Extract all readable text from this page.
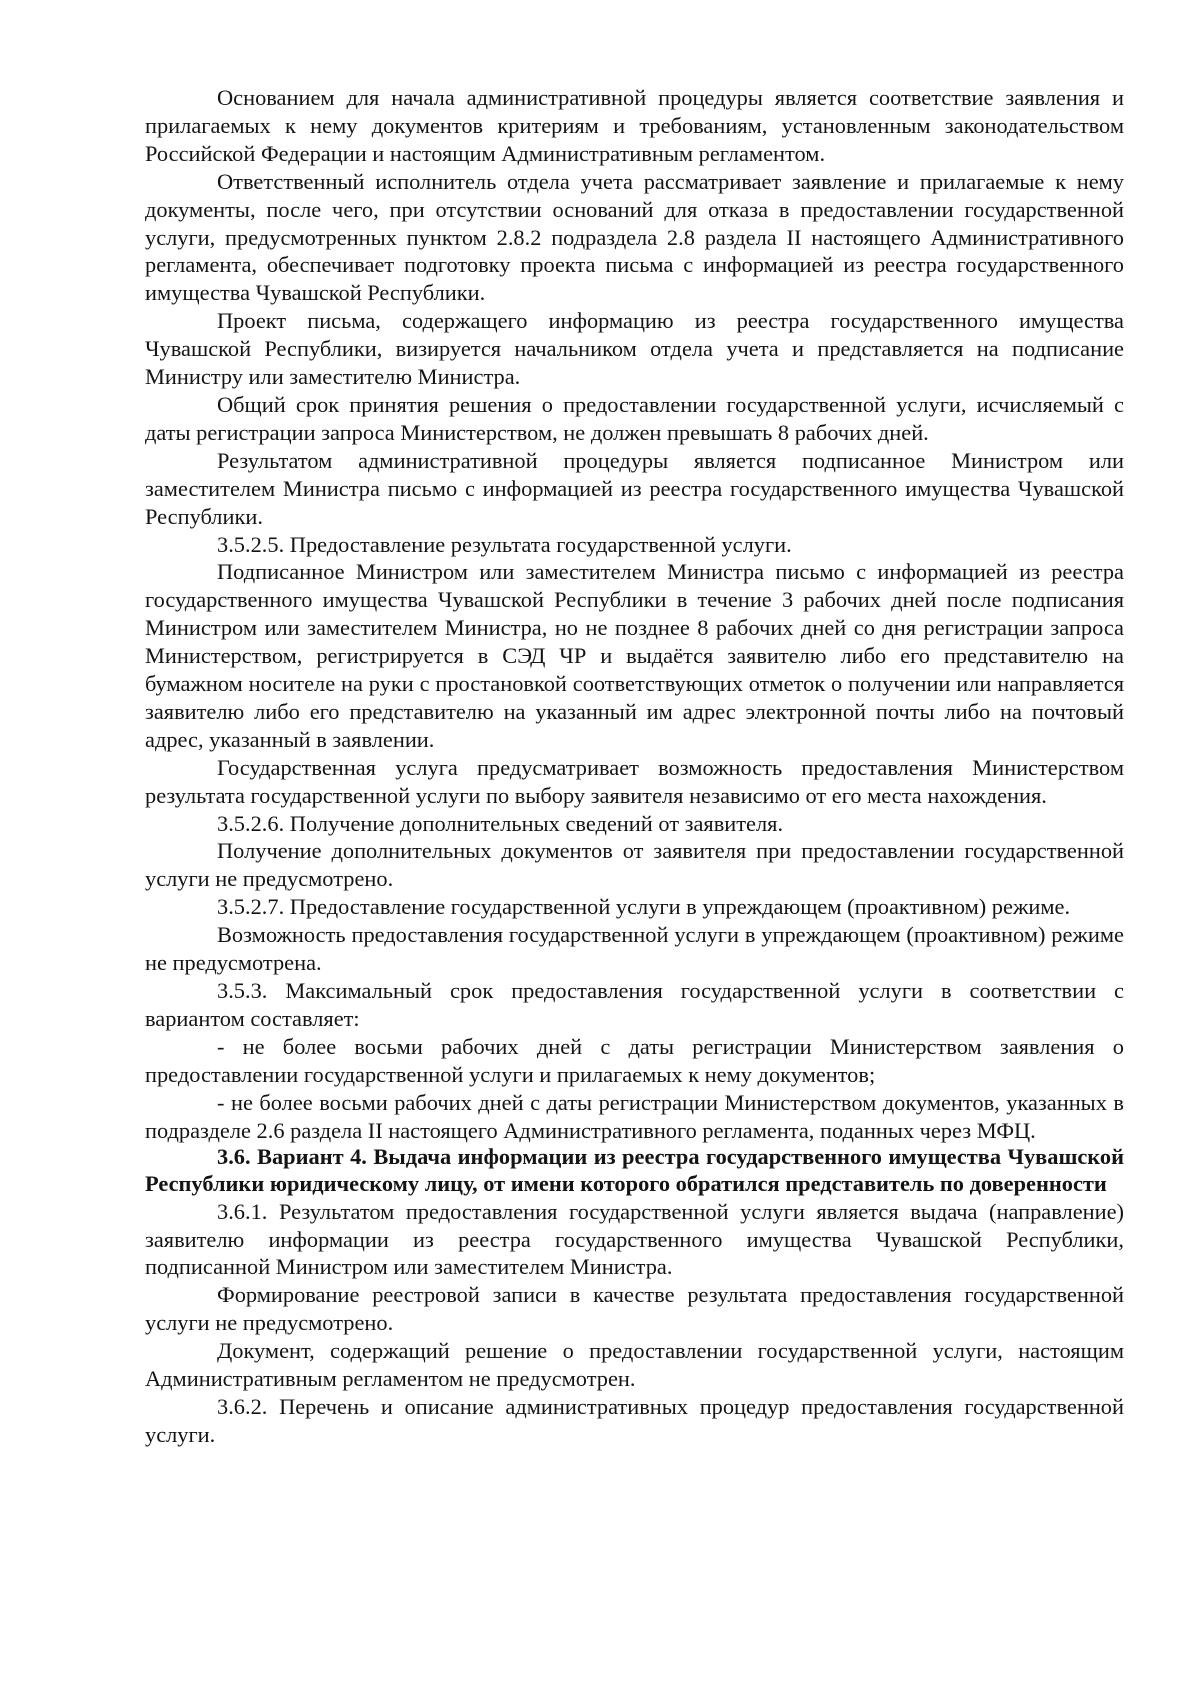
Основанием для начала административной процедуры является соответствие заявления и прилагаемых к нему документов критериям и требованиям, установленным законодательством Российской Федерации и настоящим Административным регламентом.

Ответственный исполнитель отдела учета рассматривает заявление и прилагаемые к нему документы, после чего, при отсутствии оснований для отказа в предоставлении государственной услуги, предусмотренных пунктом 2.8.2 подраздела 2.8 раздела II настоящего Административного регламента, обеспечивает подготовку проекта письма с информацией из реестра государственного имущества Чувашской Республики.

Проект письма, содержащего информацию из реестра государственного имущества Чувашской Республики, визируется начальником отдела учета и представляется на подписание Министру или заместителю Министра.

Общий срок принятия решения о предоставлении государственной услуги, исчисляемый с даты регистрации запроса Министерством, не должен превышать 8 рабочих дней.

Результатом административной процедуры является подписанное Министром или заместителем Министра письмо с информацией из реестра государственного имущества Чувашской Республики.

3.5.2.5. Предоставление результата государственной услуги.

Подписанное Министром или заместителем Министра письмо с информацией из реестра государственного имущества Чувашской Республики в течение 3 рабочих дней после подписания Министром или заместителем Министра, но не позднее 8 рабочих дней со дня регистрации запроса Министерством, регистрируется в СЭД ЧР и выдаётся заявителю либо его представителю на бумажном носителе на руки с простановкой соответствующих отметок о получении или направляется заявителю либо его представителю на указанный им адрес электронной почты либо на почтовый адрес, указанный в заявлении.

Государственная услуга предусматривает возможность предоставления Министерством результата государственной услуги по выбору заявителя независимо от его места нахождения.

3.5.2.6. Получение дополнительных сведений от заявителя.

Получение дополнительных документов от заявителя при предоставлении государственной услуги не предусмотрено.

3.5.2.7. Предоставление государственной услуги в упреждающем (проактивном) режиме.

Возможность предоставления государственной услуги в упреждающем (проактивном) режиме не предусмотрена.

3.5.3. Максимальный срок предоставления государственной услуги в соответствии с вариантом составляет:

- не более восьми рабочих дней с даты регистрации Министерством заявления о предоставлении государственной услуги и прилагаемых к нему документов;

- не более восьми рабочих дней с даты регистрации Министерством документов, указанных в подразделе 2.6 раздела II настоящего Административного регламента, поданных через МФЦ.

3.6. Вариант 4. Выдача информации из реестра государственного имущества Чувашской Республики юридическому лицу, от имени которого обратился представитель по доверенности

3.6.1. Результатом предоставления государственной услуги является выдача (направление) заявителю информации из реестра государственного имущества Чувашской Республики, подписанной Министром или заместителем Министра.

Формирование реестровой записи в качестве результата предоставления государственной услуги не предусмотрено.

Документ, содержащий решение о предоставлении государственной услуги, настоящим Административным регламентом не предусмотрен.

3.6.2. Перечень и описание административных процедур предоставления государственной услуги.
